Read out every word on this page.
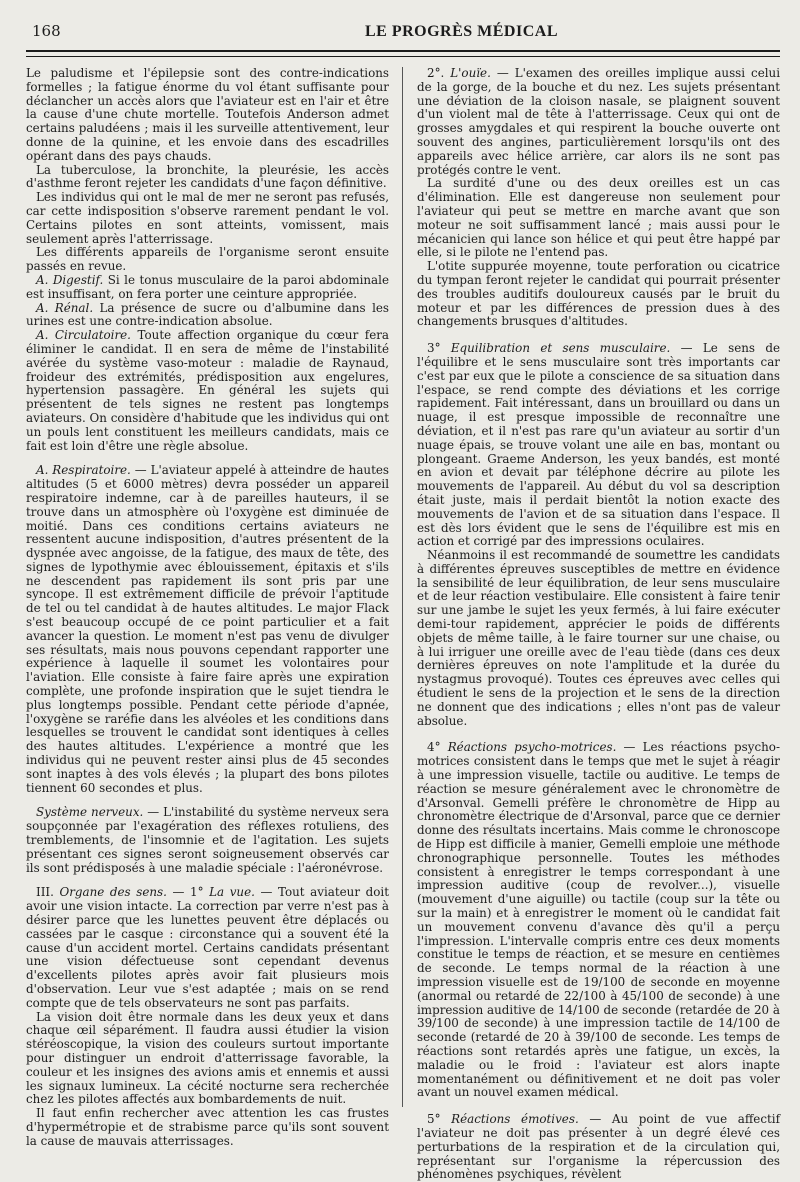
168	LE PROGRÈS MÉDICAL

Le paludisme et l'épilepsie sont des contre-indications formelles ; la fatigue énorme du vol étant suffisante pour déclancher un accès alors que l'aviateur est en l'air et être la cause d'une chute mortelle. Toutefois Anderson admet certains paludéens ; mais il les surveille attentivement, leur donne de la quinine, et les envoie dans des escadrilles opérant dans des pays chauds.

La tuberculose, la bronchite, la pleurésie, les accès d'asthme feront rejeter les candidats d'une façon définitive.

Les individus qui ont le mal de mer ne seront pas refusés, car cette indisposition s'observe rarement pendant le vol. Certains pilotes en sont atteints, vomissent, mais seulement après l'atterrissage.

Les différents appareils de l'organisme seront ensuite passés en revue.

A. Digestif. Si le tonus musculaire de la paroi abdominale est insuffisant, on fera porter une ceinture appropriée.

A. Rénal. La présence de sucre ou d'albumine dans les urines est une contre-indication absolue.

A. Circulatoire. Toute affection organique du cœur fera éliminer le candidat. Il en sera de même de l'instabilité avérée du système vaso-moteur : maladie de Raynaud, froideur des extrémités, prédisposition aux engelures, hypertension passagère. En général les sujets qui présentent de tels signes ne restent pas longtemps aviateurs. On considère d'habitude que les individus qui ont un pouls lent constituent les meilleurs candidats, mais ce fait est loin d'être une règle absolue.

A. Respiratoire. — L'aviateur appelé à atteindre de hautes altitudes (5 et 6000 mètres) devra posséder un appareil respiratoire indemne, car à de pareilles hauteurs, il se trouve dans un atmosphère où l'oxygène est diminuée de moitié. Dans ces conditions certains aviateurs ne ressentent aucune indisposition, d'autres présentent de la dyspnée avec angoisse, de la fatigue, des maux de tête, des signes de lypothymie avec éblouissement, épitaxis et s'ils ne descendent pas rapidement ils sont pris par une syncope. Il est extrêmement difficile de prévoir l'aptitude de tel ou tel candidat à de hautes altitudes. Le major Flack s'est beaucoup occupé de ce point particulier et a fait avancer la question. Le moment n'est pas venu de divulger ses résultats, mais nous pouvons cependant rapporter une expérience à laquelle il soumet les volontaires pour l'aviation. Elle consiste à faire faire après une expiration complète, une profonde inspiration que le sujet tiendra le plus longtemps possible. Pendant cette période d'apnée, l'oxygène se raréfie dans les alvéoles et les conditions dans lesquelles se trouvent le candidat sont identiques à celles des hautes altitudes. L'expérience a montré que les individus qui ne peuvent rester ainsi plus de 45 secondes sont inaptes à des vols élevés ; la plupart des bons pilotes tiennent 60 secondes et plus.

Système nerveux. — L'instabilité du système nerveux sera soupçonnée par l'exagération des réflexes rotuliens, des tremblements, de l'insomnie et de l'agitation. Les sujets présentant ces signes seront soigneusement observés car ils sont prédisposés à une maladie spéciale : l'aéronévrose.

III. Organe des sens. — 1° La vue. — Tout aviateur doit avoir une vision intacte. La correction par verre n'est pas à désirer parce que les lunettes peuvent être déplacés ou cassées par le casque : circonstance qui a souvent été la cause d'un accident mortel. Certains candidats présentant une vision défectueuse sont cependant devenus d'excellents pilotes après avoir fait plusieurs mois d'observation. Leur vue s'est adaptée ; mais on se rend compte que de tels observateurs ne sont pas parfaits.

La vision doit être normale dans les deux yeux et dans chaque œil séparément. Il faudra aussi étudier la vision stéréoscopique, la vision des couleurs surtout importante pour distinguer un endroit d'atterrissage favorable, la couleur et les insignes des avions amis et ennemis et aussi les signaux lumineux. La cécité nocturne sera recherchée chez les pilotes affectés aux bombardements de nuit.

Il faut enfin rechercher avec attention les cas frustes d'hypermétropie et de strabisme parce qu'ils sont souvent la cause de mauvais atterrissages.

2°. L'ouïe. — L'examen des oreilles implique aussi celui de la gorge, de la bouche et du nez. Les sujets présentant une déviation de la cloison nasale, se plaignent souvent d'un violent mal de tête à l'atterrissage. Ceux qui ont de grosses amygdales et qui respirent la bouche ouverte ont souvent des angines, particulièrement lorsqu'ils ont des appareils avec hélice arrière, car alors ils ne sont pas protégés contre le vent.

La surdité d'une ou des deux oreilles est un cas d'élimination. Elle est dangereuse non seulement pour l'aviateur qui peut se mettre en marche avant que son moteur ne soit suffisamment lancé ; mais aussi pour le mécanicien qui lance son hélice et qui peut être happé par elle, si le pilote ne l'entend pas.

L'otite suppurée moyenne, toute perforation ou cicatrice du tympan feront rejeter le candidat qui pourrait présenter des troubles auditifs douloureux causés par le bruit du moteur et par les différences de pression dues à des changements brusques d'altitudes.

3° Equilibration et sens musculaire. — Le sens de l'équilibre et le sens musculaire sont très importants car c'est par eux que le pilote a conscience de sa situation dans l'espace, se rend compte des déviations et les corrige rapidement. Fait intéressant, dans un brouillard ou dans un nuage, il est presque impossible de reconnaître une déviation, et il n'est pas rare qu'un aviateur au sortir d'un nuage épais, se trouve volant une aile en bas, montant ou plongeant. Graeme Anderson, les yeux bandés, est monté en avion et devait par téléphone décrire au pilote les mouvements de l'appareil. Au début du vol sa description était juste, mais il perdait bientôt la notion exacte des mouvements de l'avion et de sa situation dans l'espace. Il est dès lors évident que le sens de l'équilibre est mis en action et corrigé par des impressions oculaires.

Néanmoins il est recommandé de soumettre les candidats à différentes épreuves susceptibles de mettre en évidence la sensibilité de leur équilibration, de leur sens musculaire et de leur réaction vestibulaire. Elle consistent à faire tenir sur une jambe le sujet les yeux fermés, à lui faire exécuter demi-tour rapidement, apprécier le poids de différents objets de même taille, à le faire tourner sur une chaise, ou à lui irriguer une oreille avec de l'eau tiède (dans ces deux dernières épreuves on note l'amplitude et la durée du nystagmus provoqué). Toutes ces épreuves avec celles qui étudient le sens de la projection et le sens de la direction ne donnent que des indications ; elles n'ont pas de valeur absolue.

4° Réactions psycho-motrices. — Les réactions psycho-motrices consistent dans le temps que met le sujet à réagir à une impression visuelle, tactile ou auditive. Le temps de réaction se mesure généralement avec le chronomètre de d'Arsonval. Gemelli préfère le chronomètre de Hipp au chronomètre électrique de d'Arsonval, parce que ce dernier donne des résultats incertains. Mais comme le chronoscope de Hipp est difficile à manier, Gemelli emploie une méthode chronographique personnelle. Toutes les méthodes consistent à enregistrer le temps correspondant à une impression auditive (coup de revolver...), visuelle (mouvement d'une aiguille) ou tactile (coup sur la tête ou sur la main) et à enregistrer le moment où le candidat fait un mouvement convenu d'avance dès qu'il a perçu l'impression. L'intervalle compris entre ces deux moments constitue le temps de réaction, et se mesure en centièmes de seconde. Le temps normal de la réaction à une impression visuelle est de 19/100 de seconde en moyenne (anormal ou retardé de 22/100 à 45/100 de seconde) à une impression auditive de 14/100 de seconde (retardée de 20 à 39/100 de seconde) à une impression tactile de 14/100 de seconde (retardé de 20 à 39/100 de seconde. Les temps de réactions sont retardés après une fatigue, un excès, la maladie ou le froid : l'aviateur est alors inapte momentanément ou définitivement et ne doit pas voler avant un nouvel examen médical.

5° Réactions émotives. — Au point de vue affectif l'aviateur ne doit pas présenter à un degré élevé ces perturbations de la respiration et de la circulation qui, représentant sur l'organisme la répercussion des phénomènes psychiques, révèlent
